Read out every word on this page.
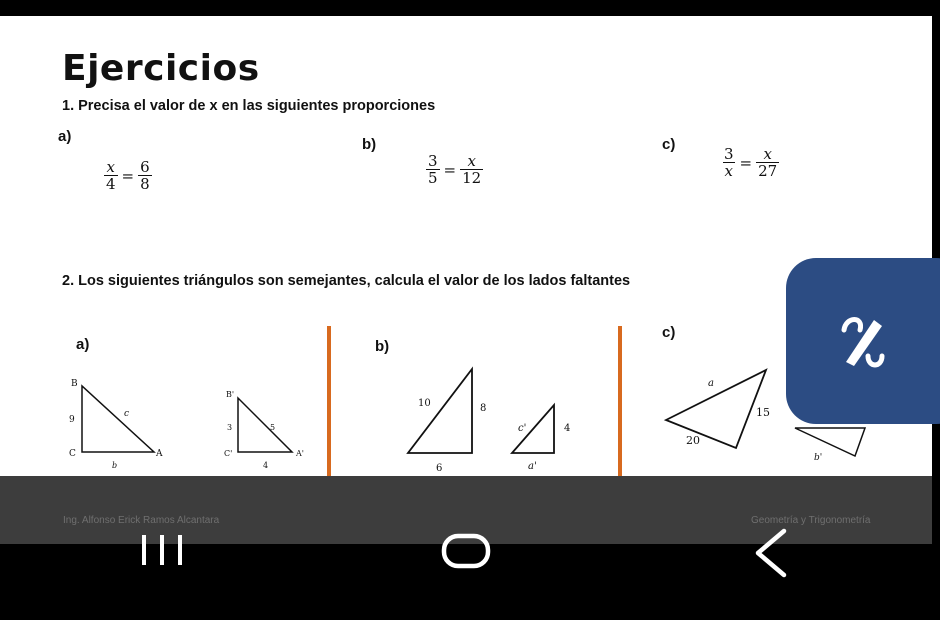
Ejercicios
1. Precisa el valor de x en las siguientes proporciones
a)
$\frac{x}{4} = \frac{6}{8}$
b)
$\frac{3}{5} = \frac{x}{12}$
c)
$\frac{3}{x} = \frac{x}{27}$
2. Los siguientes triángulos son semejantes, calcula el valor de los lados faltantes
a)
B
C	A
9
c
b
B'
C'	A'
3	5
4
b)
10	8
6
c'	4
a'
c)
a
15
20
b'
Ing. Alfonso Erick Ramos Alcantara	Geometría y Trigonometría
